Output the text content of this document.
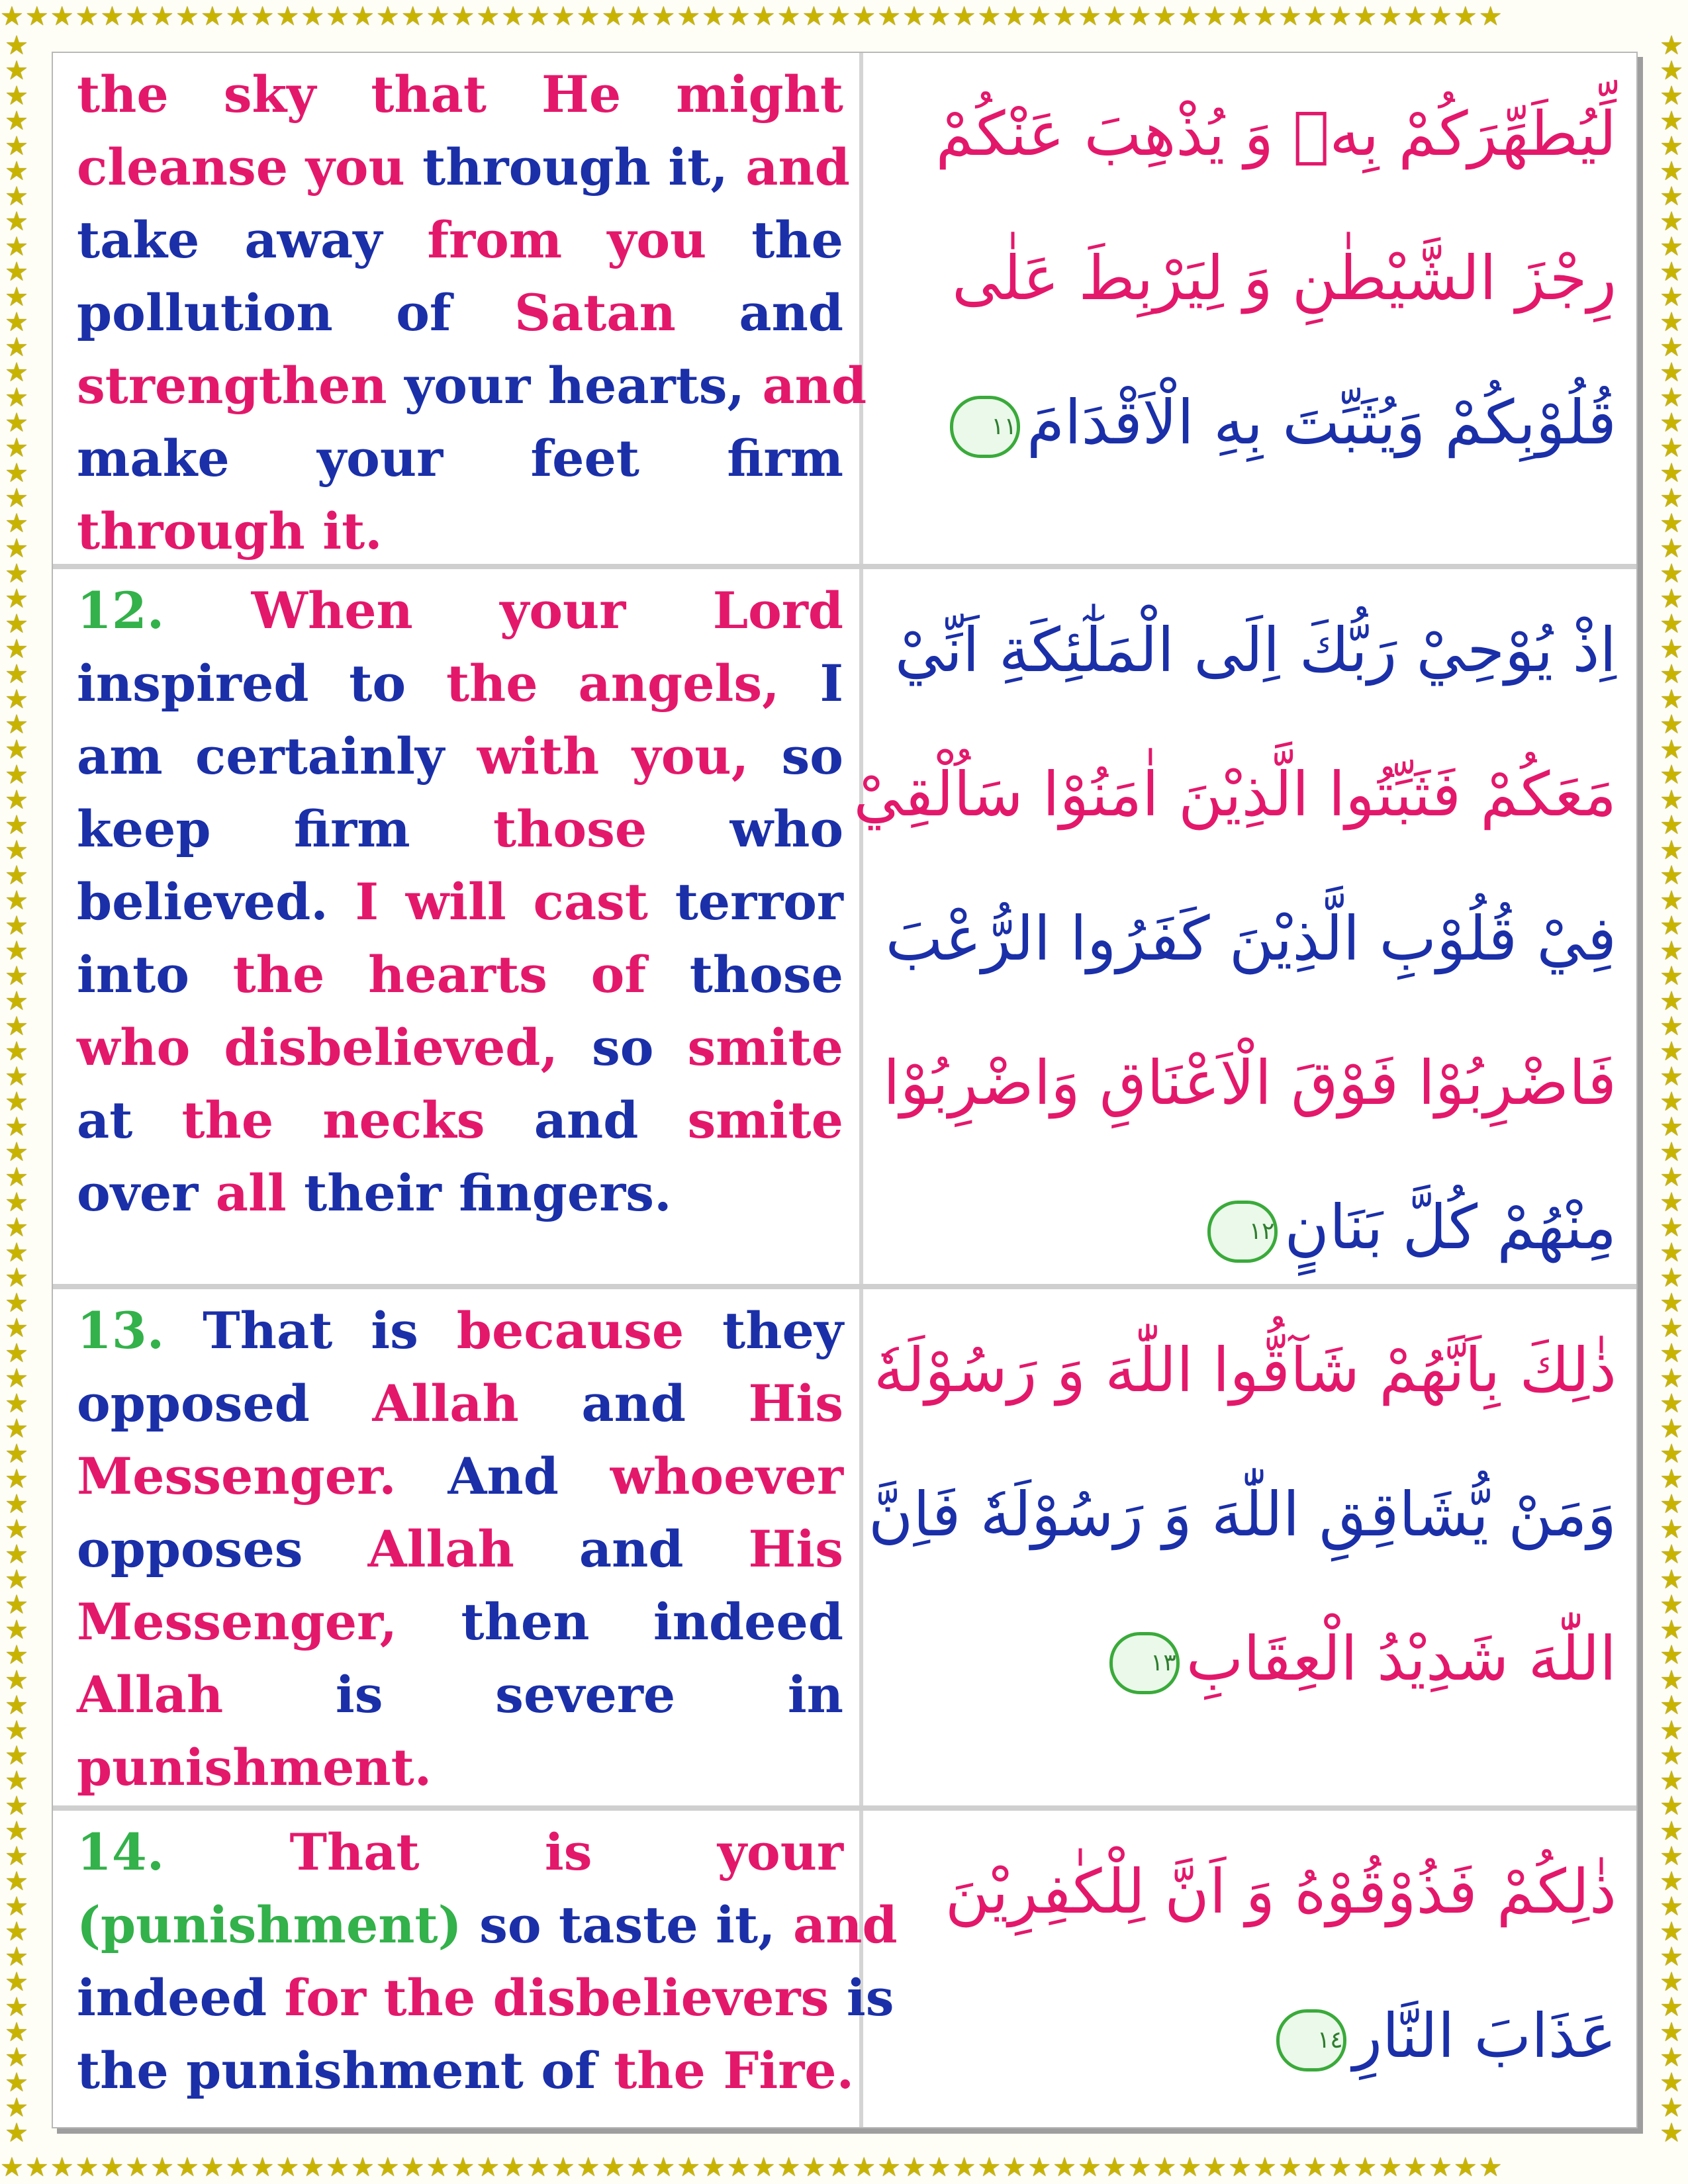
★★★★★★★★★★★★★★★★★★★★★★★★★★★★★★★★★★★★★★★★★★★★★★★★★★★★★★★★★★★★
★★★★★★★★★★★★★★★★★★★★★★★★★★★★★★★★★★★★★★★★★★★★★★★★★★★★★★★★★★★★
★
★
★
★
★
★
★
★
★
★
★
★
★
★
★
★
★
★
★
★
★
★
★
★
★
★
★
★
★
★
★
★
★
★
★
★
★
★
★
★
★
★
★
★
★
★
★
★
★
★
★
★
★
★
★
★
★
★
★
★
★
★
★
★
★
★
★
★
★
★
★
★
★
★
★
★
★
★
★
★
★
★
★
★

★
★
★
★
★
★
★
★
★
★
★
★
★
★
★
★
★
★
★
★
★
★
★
★
★
★
★
★
★
★
★
★
★
★
★
★
★
★
★
★
★
★
★
★
★
★
★
★
★
★
★
★
★
★
★
★
★
★
★
★
★
★
★
★
★
★
★
★
★
★
★
★
★
★
★
★
★
★
★
★
★
★
★
★

the sky that He might
cleanse you through it, and
take away from you the
pollution of Satan and
strengthen your hearts, and
make your feet firm
through it.
لِّيُطَهِّرَكُمْ بِهٖ وَ يُذْهِبَ عَنْكُمْ
رِجْزَ الشَّيْطٰنِ وَ لِيَرْبِطَ عَلٰى
قُلُوْبِكُمْ وَيُثَبِّتَ بِهِ الْاَقْدَامَ١١
12. When your Lord
inspired to the angels, I
am certainly with you, so
keep firm those who
believed. I will cast terror
into the hearts of those
who disbelieved, so smite
at the necks and smite
over all their fingers.
اِذْ يُوْحِيْ رَبُّكَ اِلَى الْمَلٰٓئِكَةِ اَنِّيْ
مَعَكُمْ فَثَبِّتُوا الَّذِيْنَ اٰمَنُوْا سَاُلْقِيْ
فِيْ قُلُوْبِ الَّذِيْنَ كَفَرُوا الرُّعْبَ
فَاضْرِبُوْا فَوْقَ الْاَعْنَاقِ وَاضْرِبُوْا
مِنْهُمْ كُلَّ بَنَانٍ١٢
13. That is because they
opposed Allah and His
Messenger. And whoever
opposes Allah and His
Messenger, then indeed
Allah is severe in
punishment.
ذٰلِكَ بِاَنَّهُمْ شَآقُّوا اللّٰهَ وَ رَسُوْلَهٗ
وَمَنْ يُّشَاقِقِ اللّٰهَ وَ رَسُوْلَهٗ فَاِنَّ
اللّٰهَ شَدِيْدُ الْعِقَابِ١٣
14. That is your
(punishment) so taste it, and
indeed for the disbelievers is
the punishment of the Fire.
ذٰلِكُمْ فَذُوْقُوْهُ وَ اَنَّ لِلْكٰفِرِيْنَ
عَذَابَ النَّارِ١٤
